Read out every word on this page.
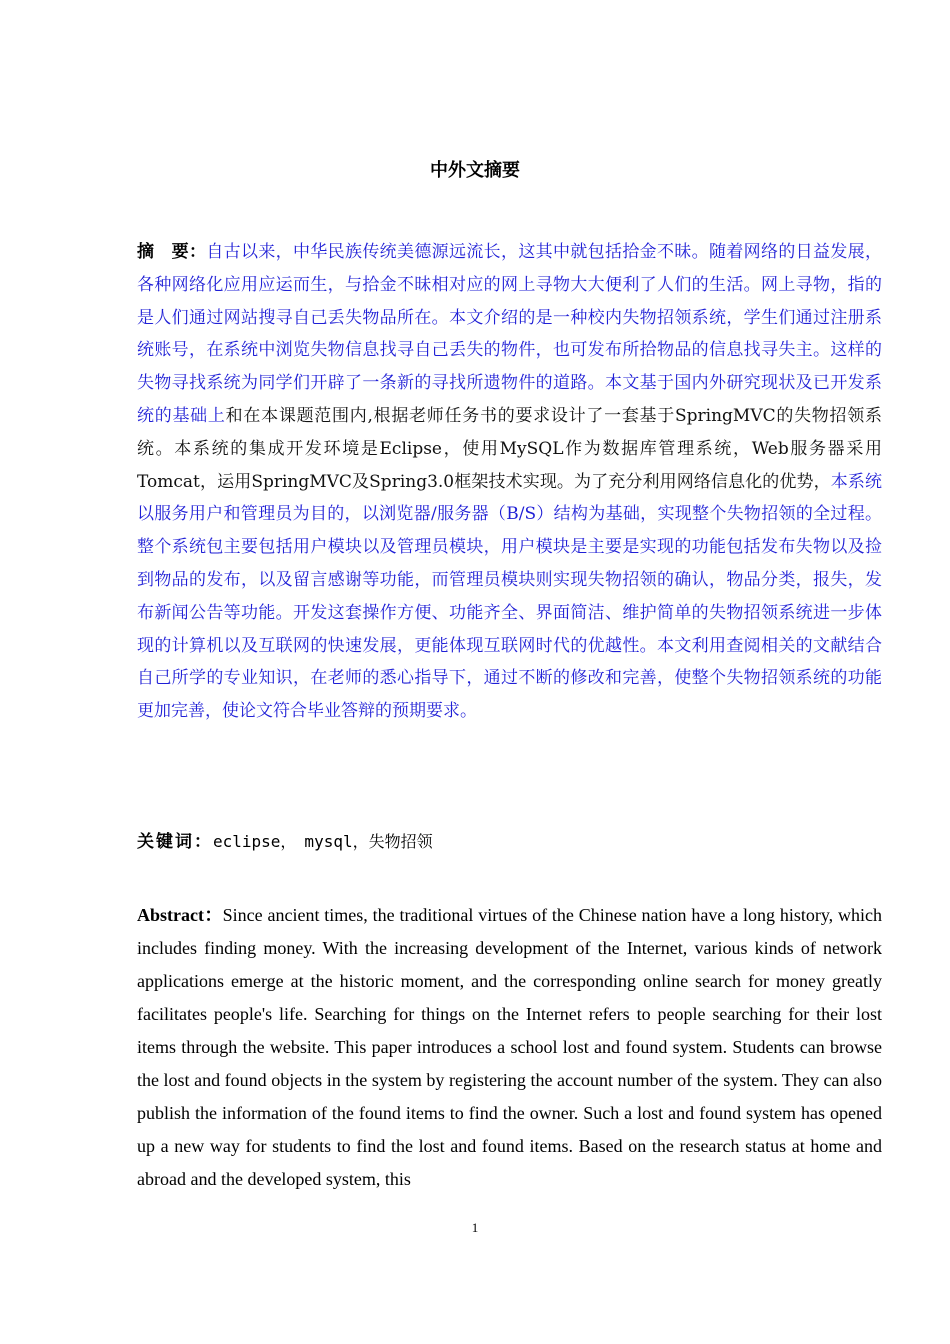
中外文摘要

摘　要：自古以来，中华民族传统美德源远流长，这其中就包括拾金不昧。随着网络的日益发展，各种网络化应用应运而生，与拾金不昧相对应的网上寻物大大便利了人们的生活。网上寻物，指的是人们通过网站搜寻自己丢失物品所在。本文介绍的是一种校内失物招领系统，学生们通过注册系统账号，在系统中浏览失物信息找寻自己丢失的物件，也可发布所拾物品的信息找寻失主。这样的失物寻找系统为同学们开辟了一条新的寻找所遗物件的道路。本文基于国内外研究现状及已开发系统的基础上和在本课题范围内,根据老师任务书的要求设计了一套基于SpringMVC的失物招领系统。本系统的集成开发环境是Eclipse，使用MySQL作为数据库管理系统，Web服务器采用Tomcat，运用SpringMVC及Spring3.0框架技术实现。为了充分利用网络信息化的优势，本系统以服务用户和管理员为目的，以浏览器/服务器（B/S）结构为基础，实现整个失物招领的全过程。整个系统包主要包括用户模块以及管理员模块，用户模块是主要是实现的功能包括发布失物以及捡到物品的发布，以及留言感谢等功能，而管理员模块则实现失物招领的确认，物品分类，报失，发布新闻公告等功能。开发这套操作方便、功能齐全、界面简洁、维护简单的失物招领系统进一步体现的计算机以及互联网的快速发展，更能体现互联网时代的优越性。本文利用查阅相关的文献结合自己所学的专业知识，在老师的悉心指导下，通过不断的修改和完善，使整个失物招领系统的功能更加完善，使论文符合毕业答辩的预期要求。

关键词：eclipse，　mysql，失物招领

Abstract：Since ancient times, the traditional virtues of the Chinese nation have a long history, which includes finding money. With the increasing development of the Internet, various kinds of network applications emerge at the historic moment, and the corresponding online search for money greatly facilitates people's life. Searching for things on the Internet refers to people searching for their lost items through the website. This paper introduces a school lost and found system. Students can browse the lost and found objects in the system by registering the account number of the system. They can also publish the information of the found items to find the owner. Such a lost and found system has opened up a new way for students to find the lost and found items. Based on the research status at home and abroad and the developed system, this

1
